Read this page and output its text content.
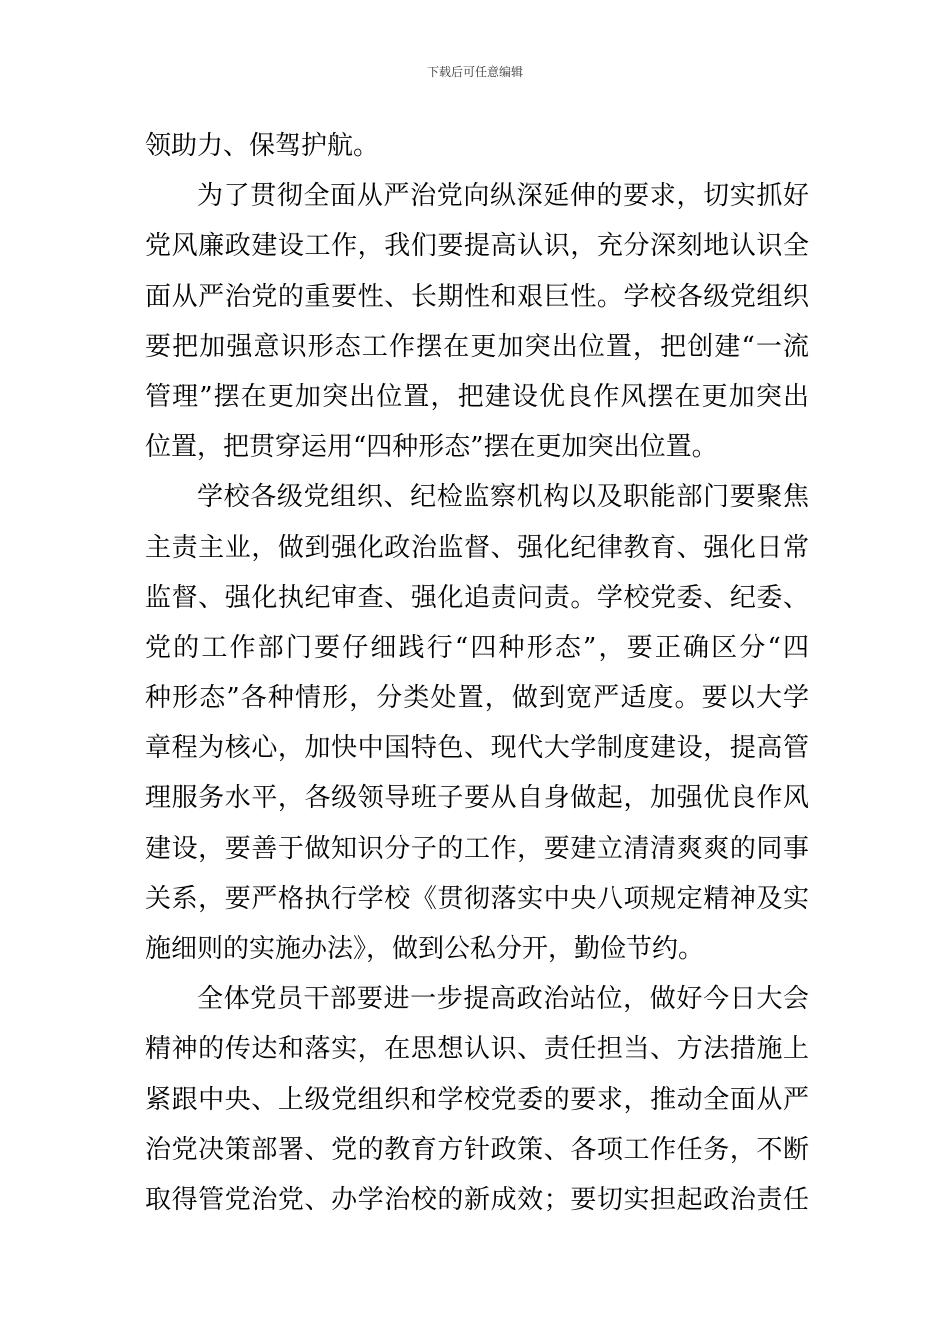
下载后可任意编辑
领助力、保驾护航。
为了贯彻全面从严治党向纵深延伸的要求，切实抓好
党风廉政建设工作，我们要提高认识，充分深刻地认识全
面从严治党的重要性、长期性和艰巨性。学校各级党组织
要把加强意识形态工作摆在更加突出位置，把创建“一流
管理”摆在更加突出位置，把建设优良作风摆在更加突出
位置，把贯穿运用“四种形态”摆在更加突出位置。
学校各级党组织、纪检监察机构以及职能部门要聚焦
主责主业，做到强化政治监督、强化纪律教育、强化日常
监督、强化执纪审查、强化追责问责。学校党委、纪委、
党的工作部门要仔细践行“四种形态”，要正确区分“四
种形态”各种情形，分类处置，做到宽严适度。要以大学
章程为核心，加快中国特色、现代大学制度建设，提高管
理服务水平，各级领导班子要从自身做起，加强优良作风
建设，要善于做知识分子的工作，要建立清清爽爽的同事
关系，要严格执行学校《贯彻落实中央八项规定精神及实
施细则的实施办法》，做到公私分开，勤俭节约。
全体党员干部要进一步提高政治站位，做好今日大会
精神的传达和落实，在思想认识、责任担当、方法措施上
紧跟中央、上级党组织和学校党委的要求，推动全面从严
治党决策部署、党的教育方针政策、各项工作任务，不断
取得管党治党、办学治校的新成效；要切实担起政治责任
